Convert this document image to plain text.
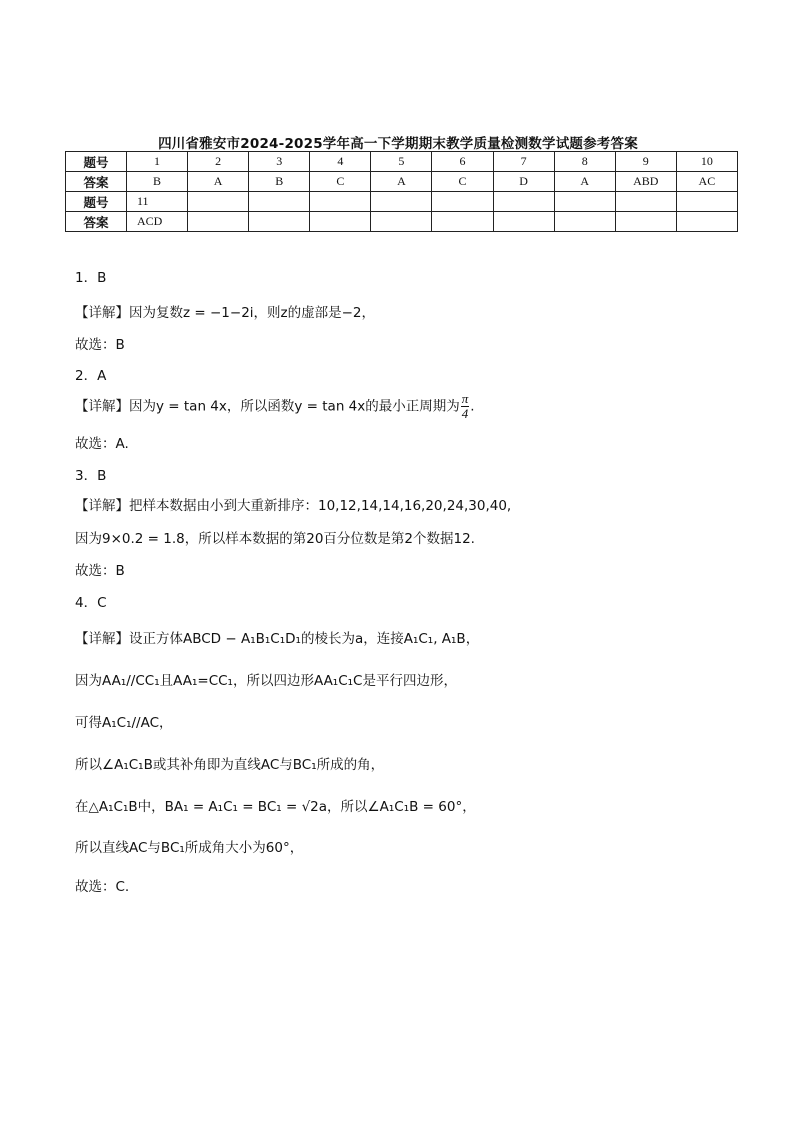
四川省雅安市2024-2025学年高一下学期期末教学质量检测数学试题参考答案
题号	1	2	3	4	5	6	7	8	9	10
答案	B	A	B	C	A	C	D	A	ABD	AC
题号	11									
答案	ACD									
1．B
【详解】因为复数z = −1−2i，则z的虚部是−2，
故选：B
2．A
【详解】因为y = tan 4x，所以函数y = tan 4x的最小正周期为 $\frac{\pi}{4}$ .
故选：A.
3．B
【详解】把样本数据由小到大重新排序：10,12,14,14,16,20,24,30,40,
因为9×0.2 = 1.8，所以样本数据的第20百分位数是第2个数据12.
故选：B
4．C
【详解】设正方体ABCD − A₁B₁C₁D₁的棱长为a，连接A₁C₁, A₁B，
因为AA₁//CC₁且AA₁=CC₁，所以四边形AA₁C₁C是平行四边形，
可得A₁C₁//AC，
所以∠A₁C₁B或其补角即为直线AC与BC₁所成的角，
在△A₁C₁B中，BA₁ = A₁C₁ = BC₁ = √2a，所以∠A₁C₁B = 60°，
所以直线AC与BC₁所成角大小为60°，
故选：C.
